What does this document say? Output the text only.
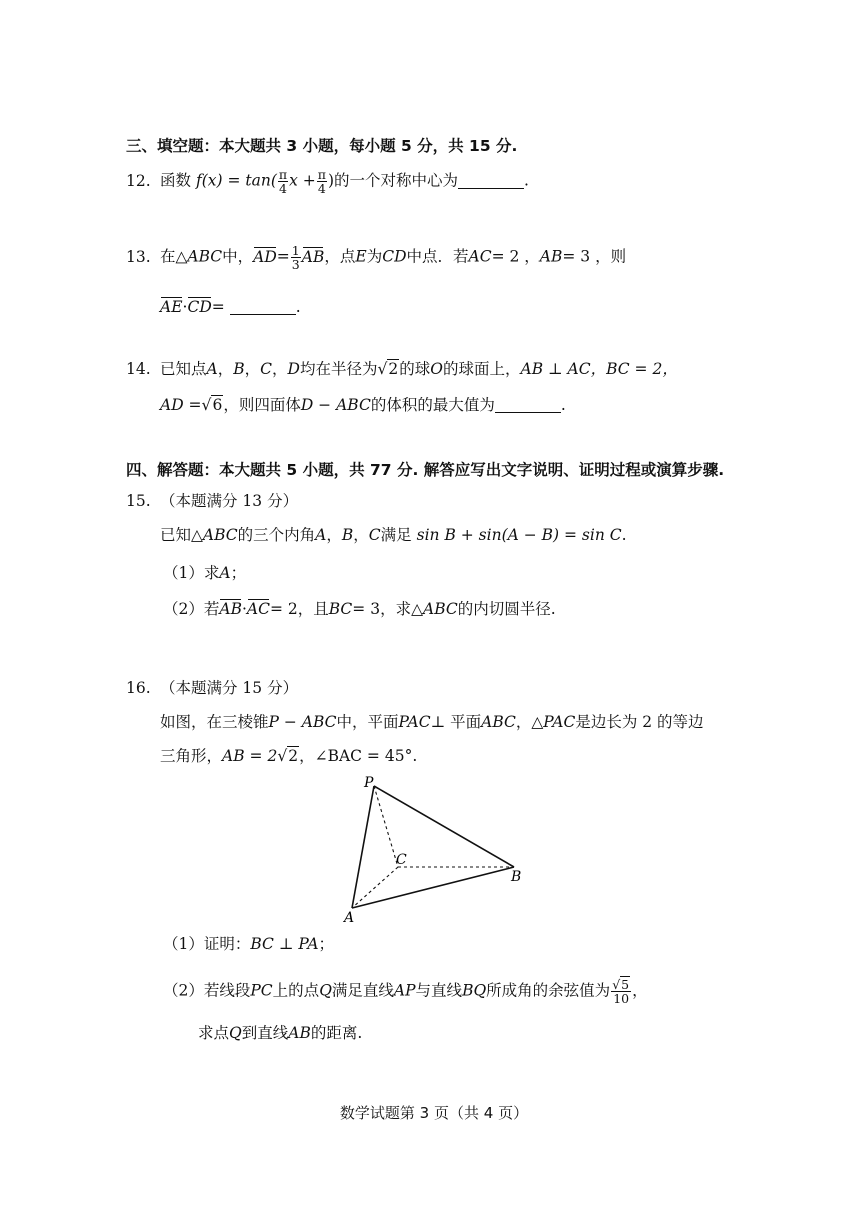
三、填空题：本大题共 3 小题，每小题 5 分，共 15 分.
12. 函数 $f(x) = \tan( \frac{\pi}{4}$ $x + \frac{\pi}{4}$ )的一个对称中心为	.
13. 在△ABC中，$AD= \frac{1}{3}$ AB，点E为CD中点．若AC= 2 ，AB= 3 ，则
AE·CD=	.
14. 已知点A，B，C，D均在半径为√2的球O的球面上，AB ⊥ AC，BC = 2，
AD =√6，则四面体D − ABC的体积的最大值为	.
四、解答题：本大题共 5 小题，共 77 分. 解答应写出文字说明、证明过程或演算步骤.
15. （本题满分 13 分）
已知△ABC的三个内角A，B，C满足 sin B + sin(A − B) = sin C.
（1）求A；
（2）若AB·AC= 2，且BC= 3，求△ABC的内切圆半径.
16. （本题满分 15 分）
如图，在三棱锥P − ABC中，平面PAC⊥ 平面ABC，△PAC是边长为 2 的等边
三角形，AB = 2√2，∠BAC = 45°.
P
C
B
A
（1）证明：BC ⊥ PA；
（2）若线段PC上的点Q满足直线AP与直线BQ所成角的余弦值为 $\frac{√5}{10}$ ，
求点Q到直线AB的距离.
数学试题第 3 页（共 4 页）
